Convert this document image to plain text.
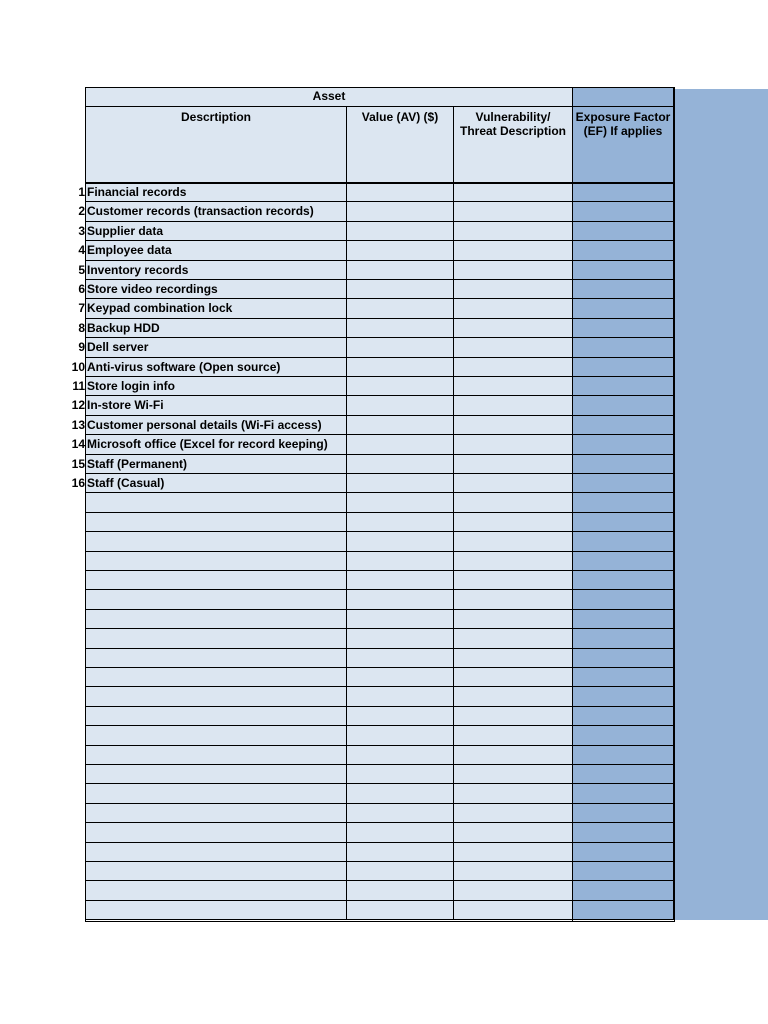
Asset
Descrtiption	Value (AV) ($)	Vulnerability/ Threat Description
Exposure Factor (EF) If applies
1 Financial records
2 Customer records (transaction records)
3 Supplier data
4 Employee data
5 Inventory records
6 Store video recordings
7 Keypad combination lock
8 Backup HDD
9 Dell server
10 Anti-virus software (Open source)
11 Store login info
12 In-store Wi-Fi
13 Customer personal details (Wi-Fi access)
14 Microsoft office (Excel for record keeping)
15 Staff (Permanent)
16 Staff (Casual)
